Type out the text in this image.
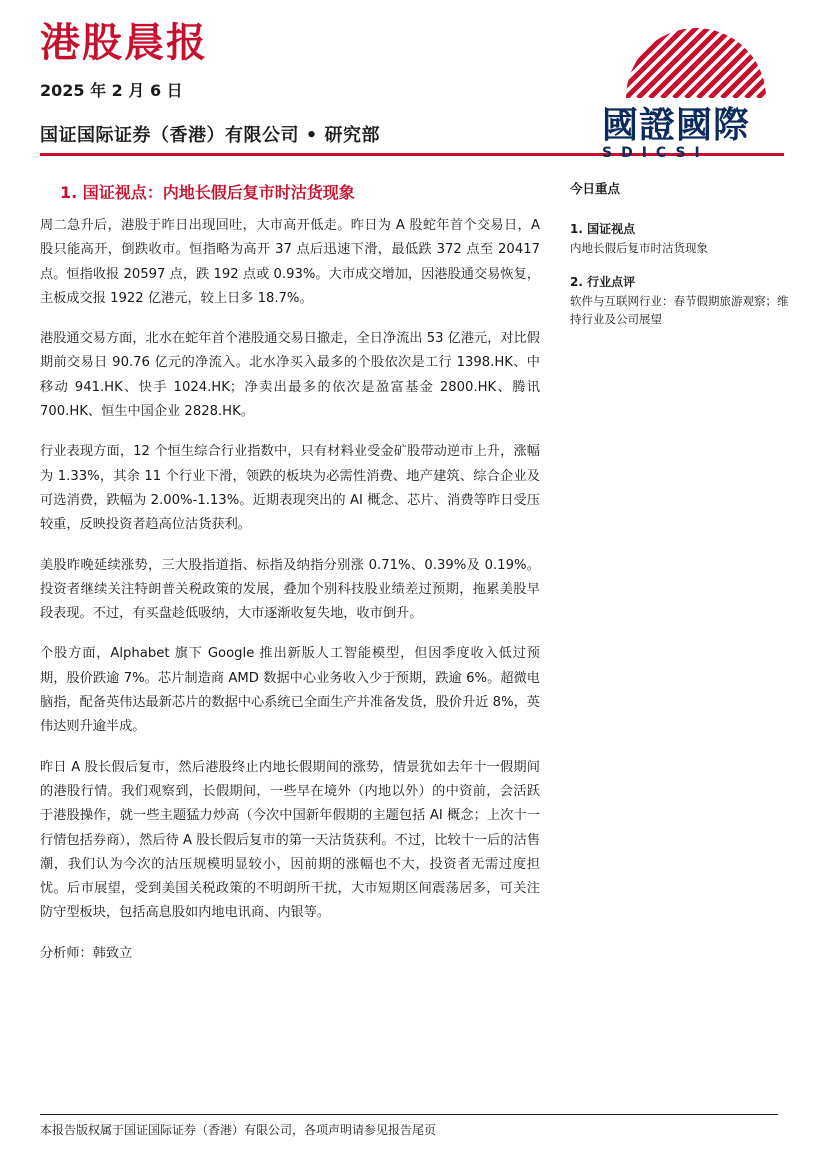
港股晨报
2025 年 2 月 6 日
国证国际证券（香港）有限公司 • 研究部	國證國際
SDICSI
1. 国证视点：内地长假后复市时沽货现象

周二急升后，港股于昨日出现回吐，大市高开低走。昨日为 A 股蛇年首个交易日，A 股只能高开，倒跌收市。恒指略为高开 37 点后迅速下滑，最低跌 372 点至 20417 点。恒指收报 20597 点，跌 192 点或 0.93%。大市成交增加，因港股通交易恢复，主板成交报 1922 亿港元，较上日多 18.7%。

港股通交易方面，北水在蛇年首个港股通交易日撤走，全日净流出 53 亿港元，对比假期前交易日 90.76 亿元的净流入。北水净买入最多的个股依次是工行 1398.HK、中移动 941.HK、快手 1024.HK；净卖出最多的依次是盈富基金 2800.HK、腾讯 700.HK、恒生中国企业 2828.HK。

行业表现方面，12 个恒生综合行业指数中，只有材料业受金矿股带动逆市上升，涨幅为 1.33%，其余 11 个行业下滑，领跌的板块为必需性消费、地产建筑、综合企业及可选消费，跌幅为 2.00%-1.13%。近期表现突出的 AI 概念、芯片、消费等昨日受压较重，反映投资者趋高位沽货获利。

美股昨晚延续涨势，三大股指道指、标指及纳指分别涨 0.71%、0.39%及 0.19%。投资者继续关注特朗普关税政策的发展，叠加个别科技股业绩差过预期，拖累美股早段表现。不过，有买盘趁低吸纳，大市逐渐收复失地，收市倒升。

个股方面，Alphabet 旗下 Google 推出新版人工智能模型，但因季度收入低过预期，股价跌逾 7%。芯片制造商 AMD 数据中心业务收入少于预期，跌逾 6%。超微电脑指，配备英伟达最新芯片的数据中心系统已全面生产并准备发货，股价升近 8%，英伟达则升逾半成。

昨日 A 股长假后复市，然后港股终止内地长假期间的涨势，情景犹如去年十一假期间的港股行情。我们观察到，长假期间，一些早在境外（内地以外）的中资前，会活跃于港股操作，就一些主题猛力炒高（今次中国新年假期的主题包括 AI 概念；上次十一行情包括券商），然后待 A 股长假后复市的第一天沽货获利。不过，比较十一后的沽售潮，我们认为今次的沽压规模明显较小，因前期的涨幅也不大，投资者无需过度担忧。后市展望，受到美国关税政策的不明朗所干扰，大市短期区间震荡居多，可关注防守型板块，包括高息股如内地电讯商、内银等。

分析师：韩致立

今日重点

1. 国证视点

内地长假后复市时沽货现象

2. 行业点评

软件与互联网行业：春节假期旅游观察；维持行业及公司展望

本报告版权属于国证国际证券（香港）有限公司，各项声明请参见报告尾页
